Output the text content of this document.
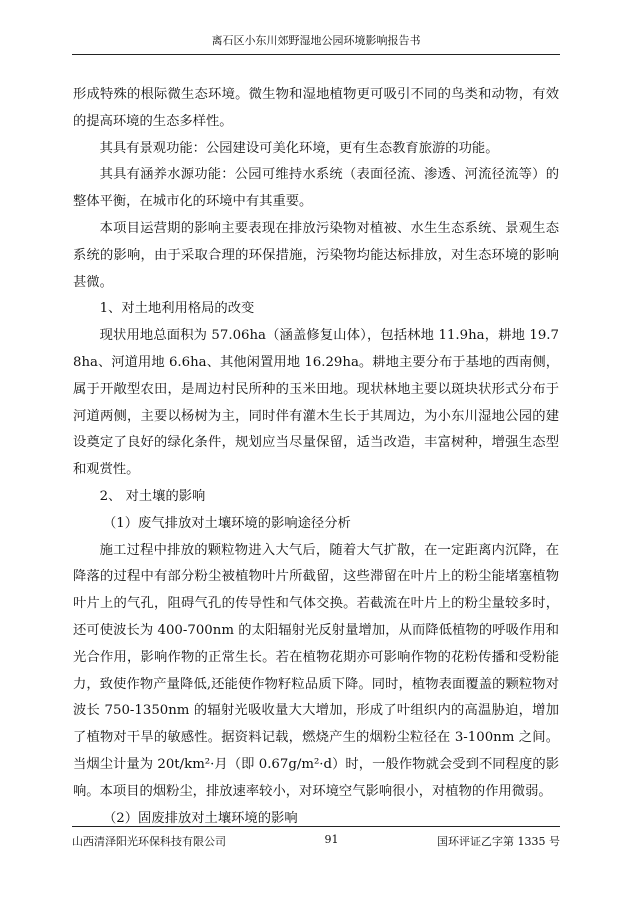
离石区小东川郊野湿地公园环境影响报告书

形成特殊的根际微生态环境。微生物和湿地植物更可吸引不同的鸟类和动物，有效的提高环境的生态多样性。

其具有景观功能：公园建设可美化环境，更有生态教育旅游的功能。

其具有涵养水源功能：公园可维持水系统（表面径流、渗透、河流径流等）的整体平衡，在城市化的环境中有其重要。

本项目运营期的影响主要表现在排放污染物对植被、水生生态系统、景观生态系统的影响，由于采取合理的环保措施，污染物均能达标排放，对生态环境的影响甚微。

1、对土地利用格局的改变

现状用地总面积为 57.06ha（涵盖修复山体），包括林地 11.9ha，耕地 19.78ha、河道用地 6.6ha、其他闲置用地 16.29ha。耕地主要分布于基地的西南侧，属于开敞型农田，是周边村民所种的玉米田地。现状林地主要以斑块状形式分布于河道两侧，主要以杨树为主，同时伴有灌木生长于其周边，为小东川湿地公园的建设奠定了良好的绿化条件，规划应当尽量保留，适当改造，丰富树种，增强生态型和观赏性。

2、 对土壤的影响

（1）废气排放对土壤环境的影响途径分析

施工过程中排放的颗粒物进入大气后，随着大气扩散，在一定距离内沉降，在降落的过程中有部分粉尘被植物叶片所截留，这些滞留在叶片上的粉尘能堵塞植物叶片上的气孔，阻碍气孔的传导性和气体交换。若截流在叶片上的粉尘量较多时，还可使波长为 400-700nm 的太阳辐射光反射量增加，从而降低植物的呼吸作用和光合作用，影响作物的正常生长。若在植物花期亦可影响作物的花粉传播和受粉能力，致使作物产量降低,还能使作物籽粒品质下降。同时，植物表面覆盖的颗粒物对波长 750-1350nm 的辐射光吸收量大大增加，形成了叶组织内的高温胁迫，增加了植物对干旱的敏感性。据资料记载，燃烧产生的烟粉尘粒径在 3-100nm 之间。当烟尘计量为 20t/km²·月（即 0.67g/m²·d）时，一般作物就会受到不同程度的影响。本项目的烟粉尘，排放速率较小，对环境空气影响很小，对植物的作用微弱。

（2）固废排放对土壤环境的影响

山西清泽阳光环保科技有限公司	91	国环评证乙字第 1335 号
